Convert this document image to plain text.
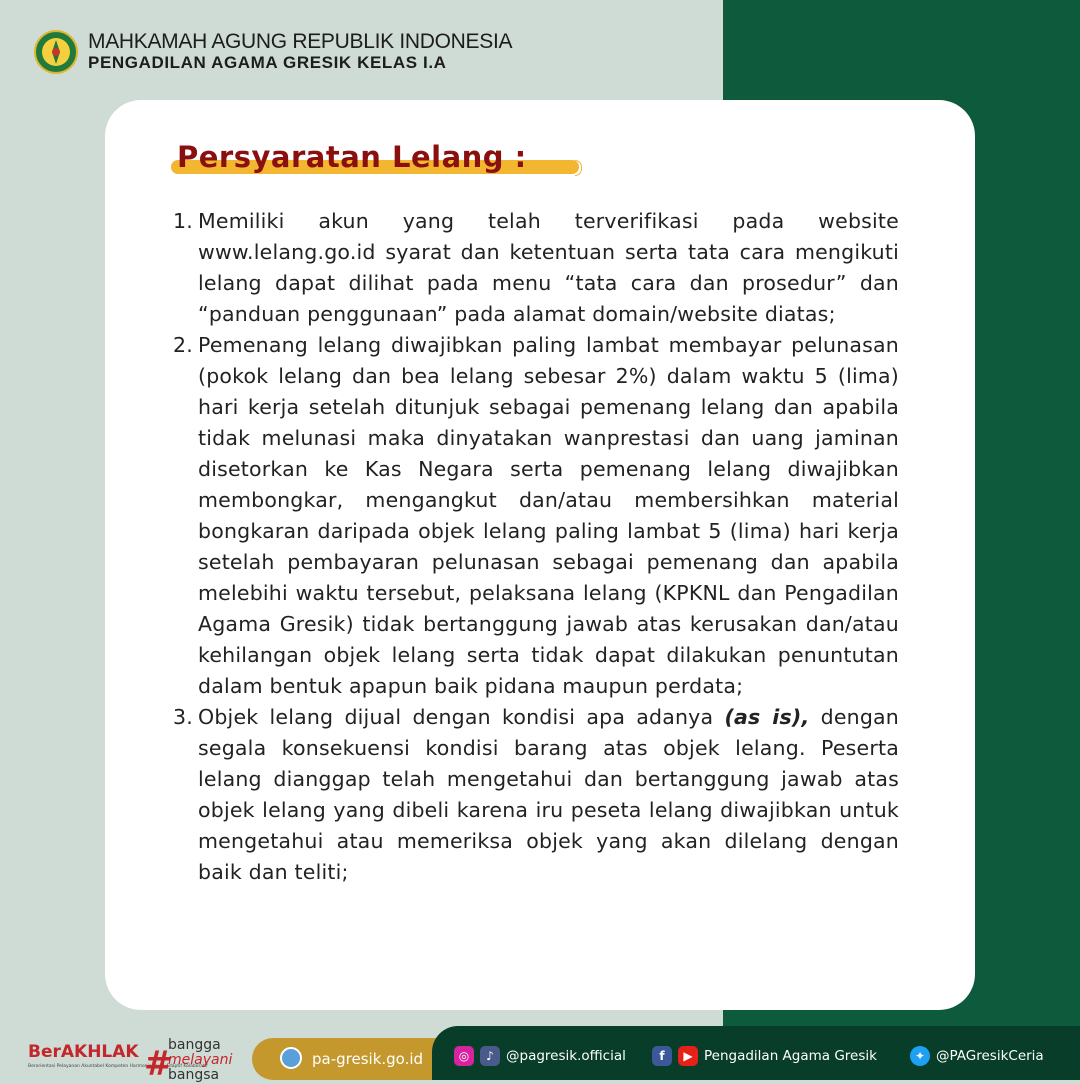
MAHKAMAH AGUNG REPUBLIK INDONESIA
PENGADILAN AGAMA GRESIK KELAS I.A
Persyaratan Lelang :
1. Memiliki akun yang telah terverifikasi pada website www.lelang.go.id syarat dan ketentuan serta tata cara mengikuti lelang dapat dilihat pada menu “tata cara dan prosedur” dan “panduan penggunaan” pada alamat domain/website diatas;
2. Pemenang lelang diwajibkan paling lambat membayar pelunasan (pokok lelang dan bea lelang sebesar 2%) dalam waktu 5 (lima) hari kerja setelah ditunjuk sebagai pemenang lelang dan apabila tidak melunasi maka dinyatakan wanprestasi dan uang jaminan disetorkan ke Kas Negara serta pemenang lelang diwajibkan membongkar, mengangkut dan/atau membersihkan material bongkaran daripada objek lelang paling lambat 5 (lima) hari kerja setelah pembayaran pelunasan sebagai pemenang dan apabila melebihi waktu tersebut, pelaksana lelang (KPKNL dan Pengadilan Agama Gresik) tidak bertanggung jawab atas kerusakan dan/atau kehilangan objek lelang serta tidak dapat dilakukan penuntutan dalam bentuk apapun baik pidana maupun perdata;
3. Objek lelang dijual dengan kondisi apa adanya (as is), dengan segala konsekuensi kondisi barang atas objek lelang. Peserta lelang dianggap telah mengetahui dan bertanggung jawab atas objek lelang yang dibeli karena iru peseta lelang diwajibkan untuk mengetahui atau memeriksa objek yang akan dilelang dengan baik dan teliti;
BerAKHLAK
Berorientasi Pelayanan Akuntabel Kompeten Harmonis Loyal Adaptif Kolaboratif
#
bangga
melayani
bangsa
pa-gresik.go.id	◎	♪ @pagresik.official	f	▶ Pengadilan Agama Gresik	✦ @PAGresikCeria
